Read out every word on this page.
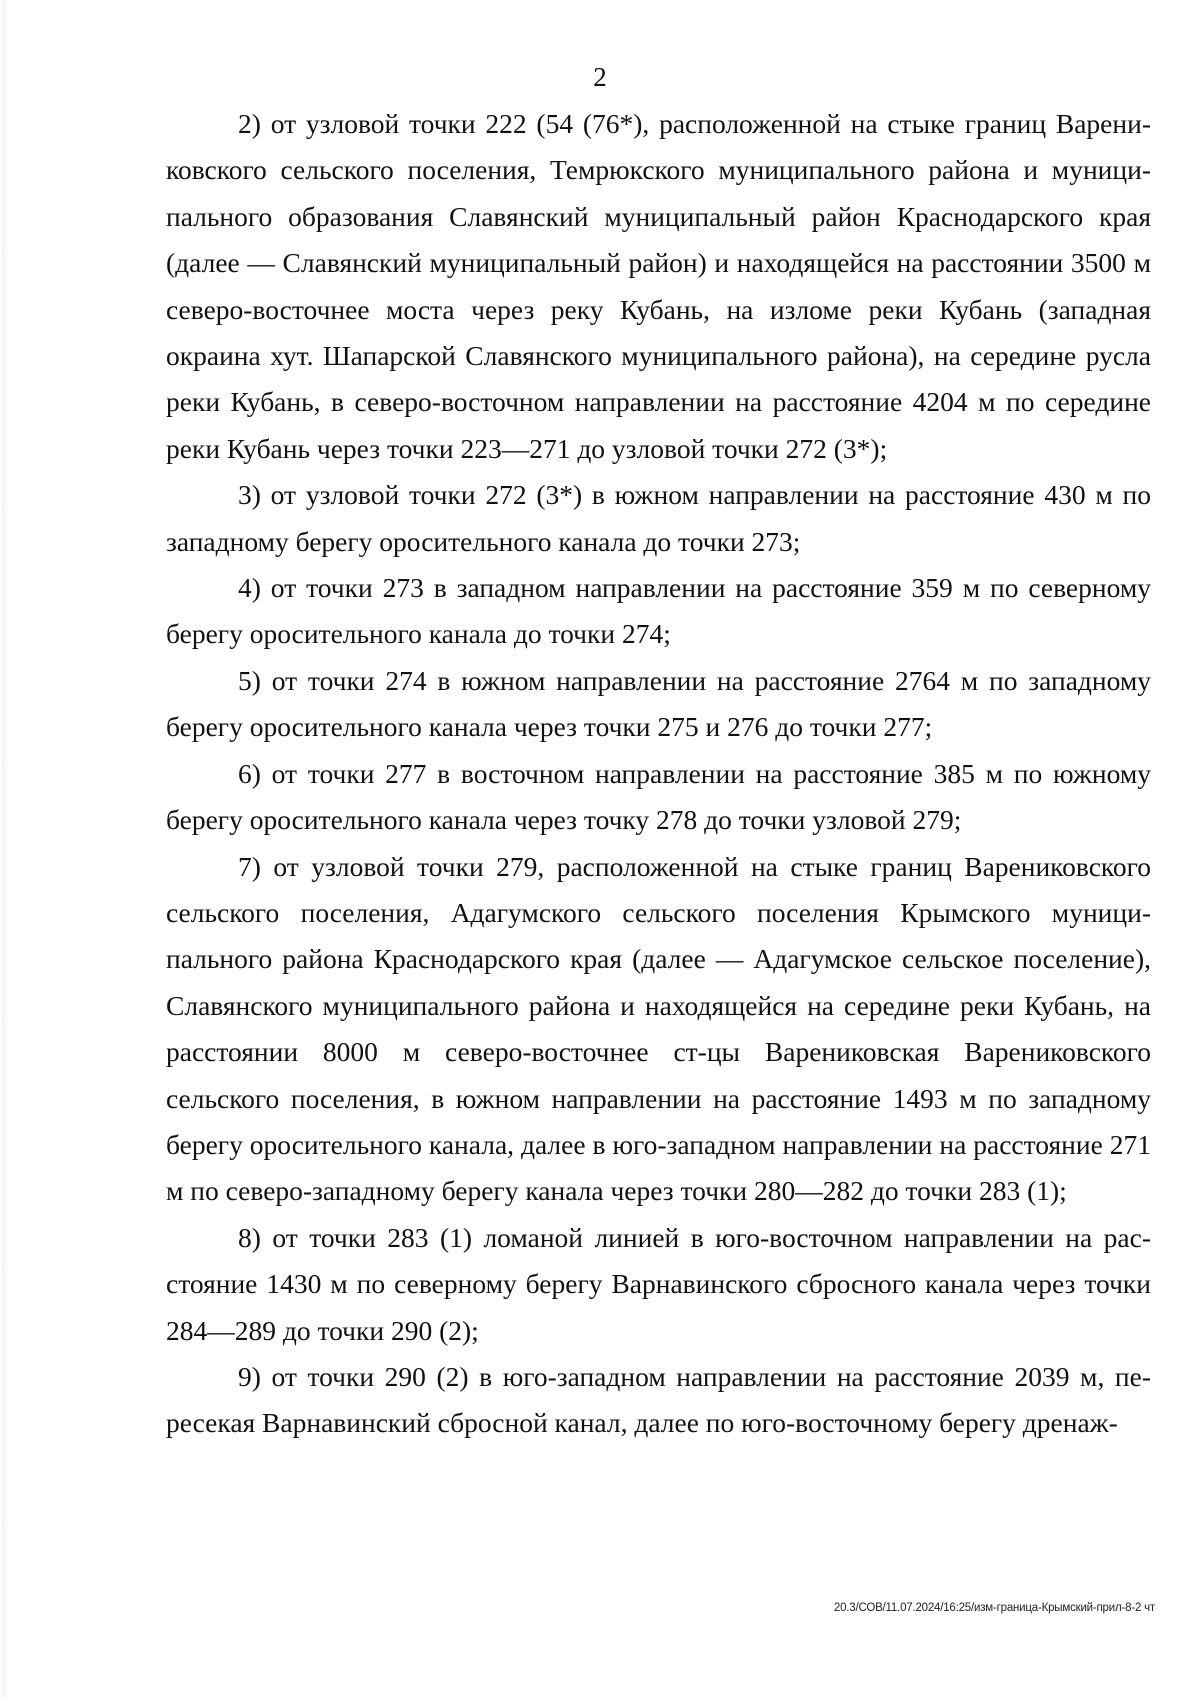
2

2) от узловой точки 222 (54 (76*), расположенной на стыке границ Варениковского сельского поселения, Темрюкского муниципального района и муниципального образования Славянский муниципальный район Краснодарского края (далее — Славянский муниципальный район) и находящейся на расстоянии 3500 м северо-восточнее моста через реку Кубань, на изломе реки Кубань (западная окраина хут. Шапарской Славянского муниципального района), на середине русла реки Кубань, в северо-восточном направлении на расстояние 4204 м по середине реки Кубань через точки 223—271 до узловой точки 272 (3*);

3) от узловой точки 272 (3*) в южном направлении на расстояние 430 м по западному берегу оросительного канала до точки 273;

4) от точки 273 в западном направлении на расстояние 359 м по северному берегу оросительного канала до точки 274;

5) от точки 274 в южном направлении на расстояние 2764 м по западному берегу оросительного канала через точки 275 и 276 до точки 277;

6) от точки 277 в восточном направлении на расстояние 385 м по южному берегу оросительного канала через точку 278 до точки узловой 279;

7) от узловой точки 279, расположенной на стыке границ Варениковского сельского поселения, Адагумского сельского поселения Крымского муниципального района Краснодарского края (далее — Адагумское сельское поселение), Славянского муниципального района и находящейся на середине реки Кубань, на расстоянии 8000 м северо-восточнее ст-цы Варениковская Варениковского сельского поселения, в южном направлении на расстояние 1493 м по западному берегу оросительного канала, далее в юго-западном направлении на расстояние 271 м по северо-западному берегу канала через точки 280—282 до точки 283 (1);

8) от точки 283 (1) ломаной линией в юго-восточном направлении на расстояние 1430 м по северному берегу Варнавинского сбросного канала через точки 284—289 до точки 290 (2);

9) от точки 290 (2) в юго-западном направлении на расстояние 2039 м, пересекая Варнавинский сбросной канал, далее по юго-восточному берегу дренаж-

20.3/СОВ/11.07.2024/16:25/изм-граница-Крымский-прил-8-2 чт
